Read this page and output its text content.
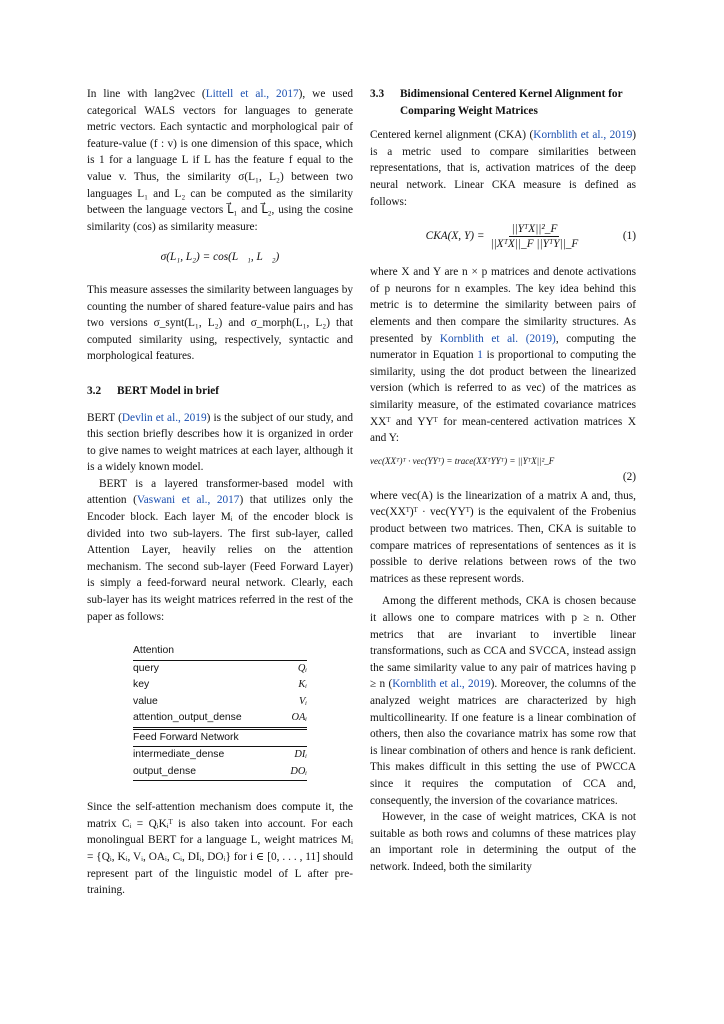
In line with lang2vec (Littell et al., 2017), we used categorical WALS vectors for languages to generate metric vectors. Each syntactic and morphological pair of feature-value (f : v) is one dimension of this space, which is 1 for a language L if L has the feature f equal to the value v. Thus, the similarity σ(L₁, L₂) between two languages L₁ and L₂ can be computed as the similarity between the language vectors L⃗₁ and L⃗₂, using the cosine similarity (cos) as similarity measure:

σ(L₁, L₂) = cos(L⃗₁, L⃗₂)

This measure assesses the similarity between languages by counting the number of shared feature-value pairs and has two versions σ_synt(L₁, L₂) and σ_morph(L₁, L₂) that computed similarity using, respectively, syntactic and morphological features.

3.2	BERT Model in brief

BERT (Devlin et al., 2019) is the subject of our study, and this section briefly describes how it is organized in order to give names to weight matrices at each layer, although it is a widely known model.

BERT is a layered transformer-based model with attention (Vaswani et al., 2017) that utilizes only the Encoder block. Each layer Mᵢ of the encoder block is divided into two sub-layers. The first sub-layer, called Attention Layer, heavily relies on the attention mechanism. The second sub-layer (Feed Forward Layer) is simply a feed-forward neural network. Clearly, each sub-layer has its weight matrices referred in the rest of the paper as follows:

Attention	
query	Qᵢ
key	Kᵢ
value	Vᵢ
attention_output_dense	OAᵢ
Feed Forward Network	
intermediate_dense	DIᵢ
output_dense	DOᵢ

Since the self-attention mechanism does compute it, the matrix Cᵢ = QᵢKᵢᵀ is also taken into account. For each monolingual BERT for a language L, weight matrices Mᵢ = {Qᵢ, Kᵢ, Vᵢ, OAᵢ, Cᵢ, DIᵢ, DOᵢ} for i ∈ [0, . . . , 11] should represent part of the linguistic model of L after pre-training.

3.3	Bidimensional Centered Kernel Alignment for Comparing Weight Matrices

Centered kernel alignment (CKA) (Kornblith et al., 2019) is a metric used to compare similarities between representations, that is, activation matrices of the deep neural network. Linear CKA measure is defined as follows:

CKA(X, $Y) = \frac{\text{||YᵀX||²\_F}}{\text{||XᵀX||\_F ||YᵀY||\_F}}$	(1)

where X and Y are n × p matrices and denote activations of p neurons for n examples. The key idea behind this metric is to determine the similarity between pairs of elements and then compare the similarity structures. As presented by Kornblith et al. (2019), computing the numerator in Equation 1 is proportional to computing the similarity, using the dot product between the linearized version (which is referred to as vec) of the matrices as similarity measure, of the estimated covariance matrices XXᵀ and YYᵀ for mean-centered activation matrices X and Y:

vec(XXᵀ)ᵀ · vec(YYᵀ) = trace(XXᵀYYᵀ) = ||YᵀX||²_F
(2)

where vec(A) is the linearization of a matrix A and, thus, vec(XXᵀ)ᵀ · vec(YYᵀ) is the equivalent of the Frobenius product between two matrices. Then, CKA is suitable to compare matrices of representations of sentences as it is possible to derive relations between rows of the two matrices as these represent words.

Among the different methods, CKA is chosen because it allows one to compare matrices with p ≥ n. Other metrics that are invariant to invertible linear transformations, such as CCA and SVCCA, instead assign the same similarity value to any pair of matrices having p ≥ n (Kornblith et al., 2019). Moreover, the columns of the analyzed weight matrices are characterized by high multicollinearity. If one feature is a linear combination of others, then also the covariance matrix has some row that is linear combination of others and hence is rank deficient. This makes difficult in this setting the use of PWCCA since it requires the computation of CCA and, consequently, the inversion of the covariance matrices.

However, in the case of weight matrices, CKA is not suitable as both rows and columns of these matrices play an important role in determining the output of the network. Indeed, both the similarity
